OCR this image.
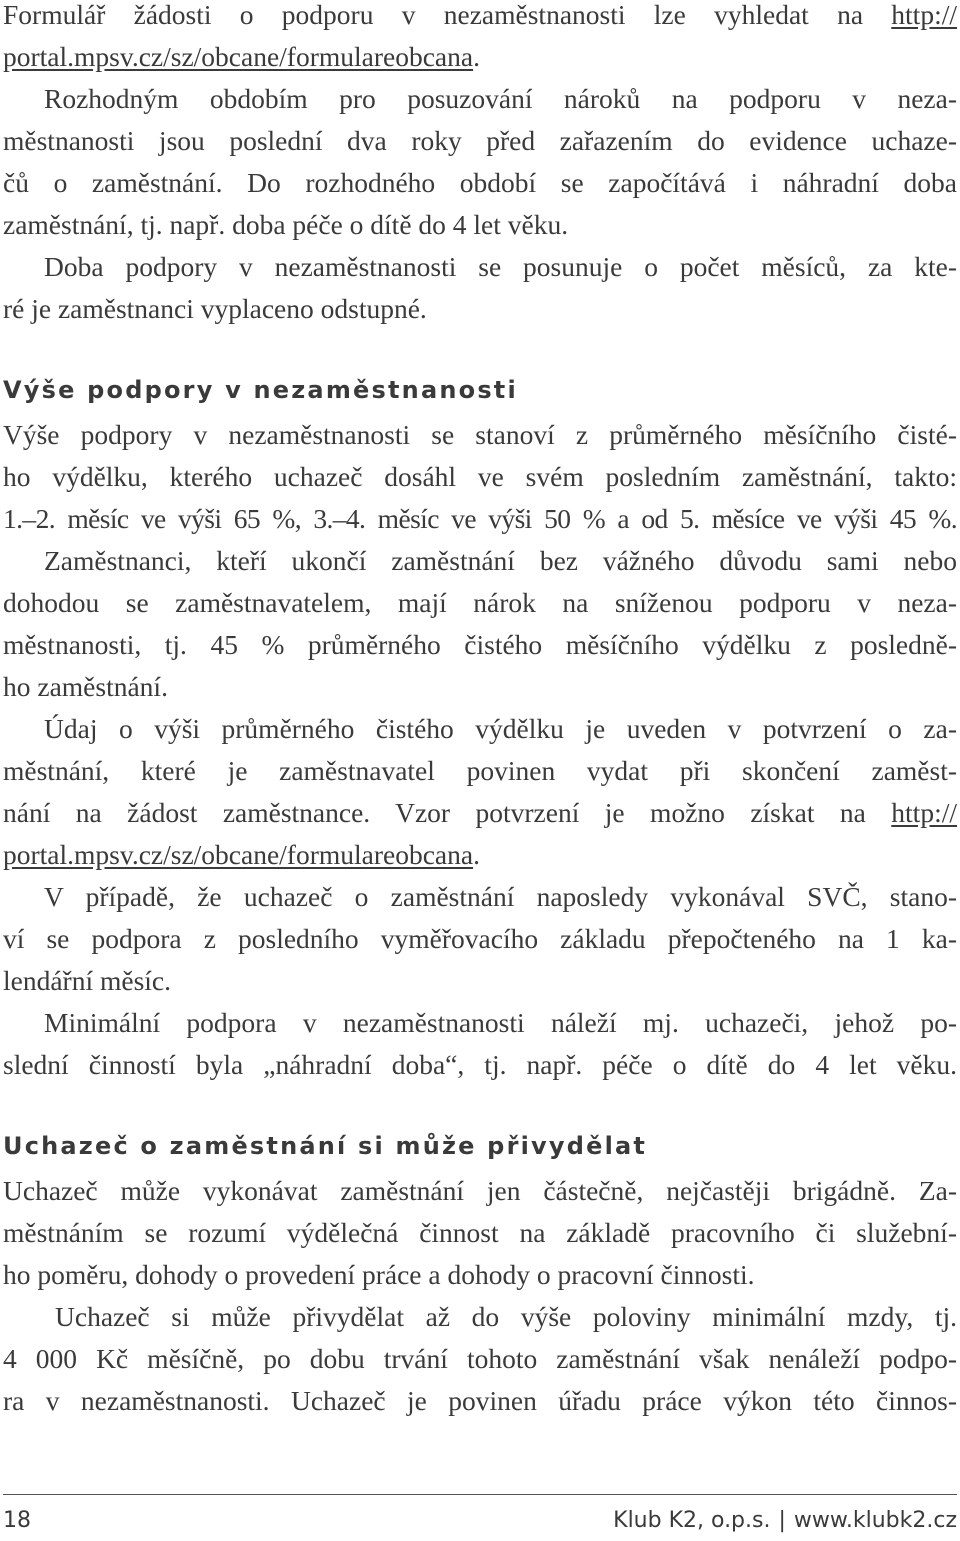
Formulář žádosti o podporu v nezaměstnanosti lze vyhledat na http://
portal.mpsv.cz/sz/obcane/formulareobcana.
Rozhodným obdobím pro posuzování nároků na podporu v neza-
městnanosti jsou poslední dva roky před zařazením do evidence uchaze-
čů o zaměstnání. Do rozhodného období se započítává i náhradní doba
zaměstnání, tj. např. doba péče o dítě do 4 let věku.
Doba podpory v nezaměstnanosti se posunuje o počet měsíců, za kte-
ré je zaměstnanci vyplaceno odstupné.
Výše podpory v nezaměstnanosti
Výše podpory v nezaměstnanosti se stanoví z průměrného měsíčního čisté-
ho výdělku, kterého uchazeč dosáhl ve svém posledním zaměstnání, takto:
1.–2. měsíc ve výši 65 %, 3.–4. měsíc ve výši 50 % a od 5. měsíce ve výši 45 %.
Zaměstnanci, kteří ukončí zaměstnání bez vážného důvodu sami nebo
dohodou se zaměstnavatelem, mají nárok na sníženou podporu v neza-
městnanosti, tj. 45 % průměrného čistého měsíčního výdělku z posledně-
ho zaměstnání.
Údaj o výši průměrného čistého výdělku je uveden v potvrzení o za-
městnání, které je zaměstnavatel povinen vydat při skončení zaměst-
nání na žádost zaměstnance. Vzor potvrzení je možno získat na http://
portal.mpsv.cz/sz/obcane/formulareobcana.
V případě, že uchazeč o zaměstnání naposledy vykonával SVČ, stano-
ví se podpora z posledního vyměřovacího základu přepočteného na 1 ka-
lendářní měsíc.
Minimální podpora v nezaměstnanosti náleží mj. uchazeči, jehož po-
slední činností byla „náhradní doba“, tj. např. péče o dítě do 4 let věku.
Uchazeč o zaměstnání si může přivydělat
Uchazeč může vykonávat zaměstnání jen částečně, nejčastěji brigádně. Za-
městnáním se rozumí výdělečná činnost na základě pracovního či služební-
ho poměru, dohody o provedení práce a dohody o pracovní činnosti.
Uchazeč si může přivydělat až do výše poloviny minimální mzdy, tj.
4 000 Kč měsíčně, po dobu trvání tohoto zaměstnání však nenáleží podpo-
ra v nezaměstnanosti. Uchazeč je povinen úřadu práce výkon této činnos-
18	Klub K2, o.p.s. | www.klubk2.cz
